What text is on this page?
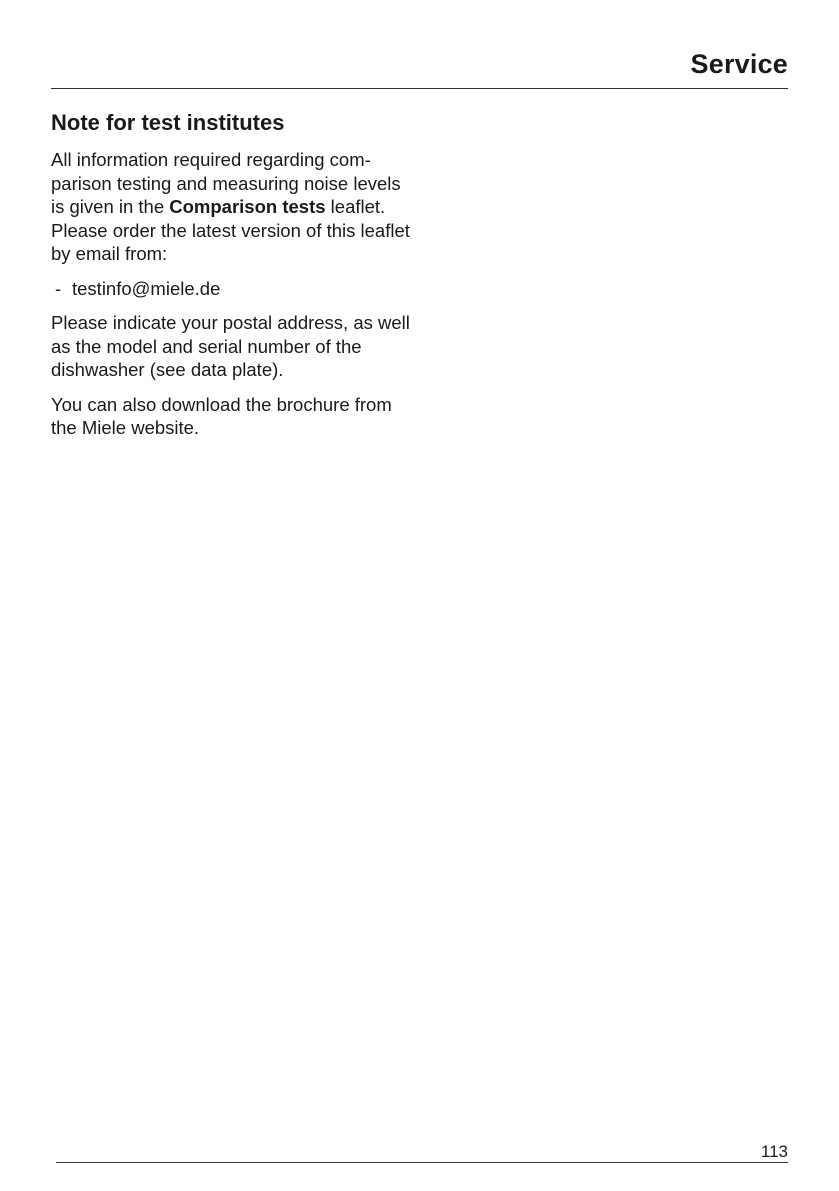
Service
Note for test institutes

All information required regarding com-parison testing and measuring noise levels is given in the Comparison tests leaflet.
Please order the latest version of this leaflet by email from:

- testinfo@miele.de

Please indicate your postal address, as well as the model and serial number of the dishwasher (see data plate).

You can also download the brochure from the Miele website.

113
